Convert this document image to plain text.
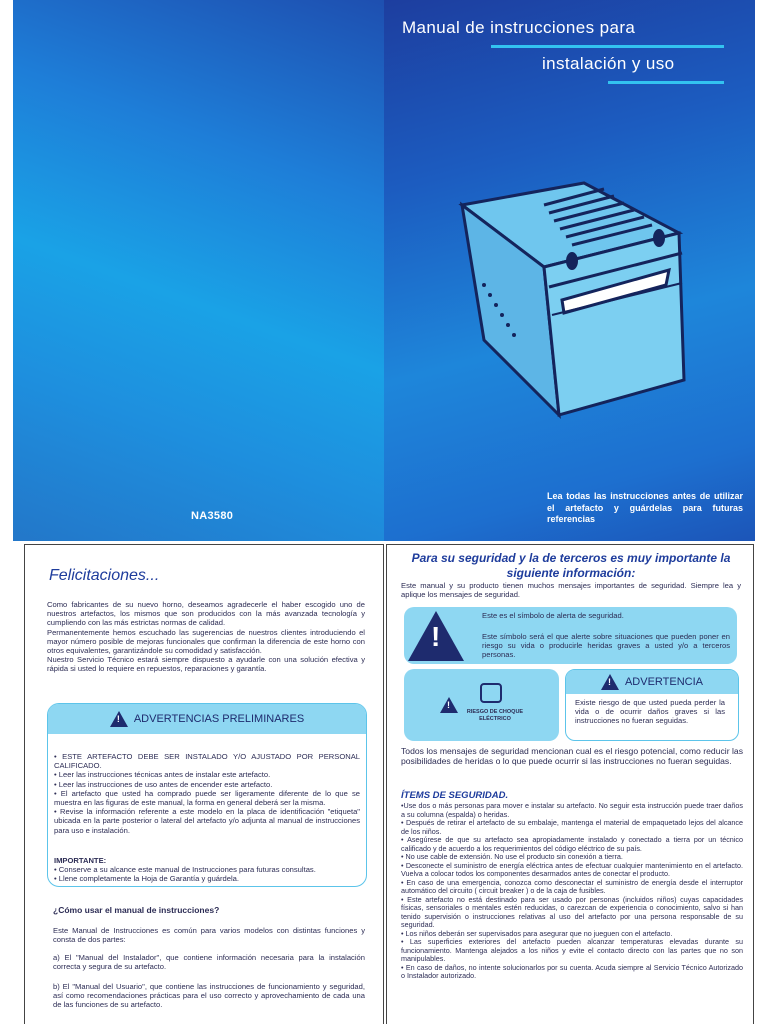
NA3580
Manual de instrucciones para
instalación y uso
Lea todas las instrucciones antes de utilizar el artefacto y guárdelas para futuras referencias
Felicitaciones...
Como fabricantes de su nuevo horno, deseamos agradecerle el haber escogido uno de nuestros artefactos, los mismos que son producidos con la más avanzada tecnología y cumpliendo con las más estrictas normas de calidad.
Permanentemente hemos escuchado las sugerencias de nuestros clientes introduciendo el mayor número posible de mejoras funcionales que confirman la diferencia de este horno con otros equivalentes, garantizándole su comodidad y satisfacción.
Nuestro Servicio Técnico estará siempre dispuesto a ayudarle con una solución efectiva y rápida si usted lo requiere en repuestos, reparaciones y garantía.
!
ADVERTENCIAS PRELIMINARES
• ESTE ARTEFACTO DEBE SER INSTALADO Y/O AJUSTADO POR PERSONAL CALIFICADO.
• Leer las instrucciones técnicas antes de instalar este artefacto.
• Leer las instrucciones de uso antes de encender este artefacto.
• El artefacto que usted ha comprado puede ser ligeramente diferente de lo que se muestra en las figuras de este manual, la forma en general deberá ser la misma.
• Revise la información referente a este modelo en la placa de identificación "etiqueta" ubicada en la parte posterior o lateral del artefacto y/o adjunta al manual de instrucciones para uso e instalación.
IMPORTANTE:
• Conserve a su alcance este manual de Instrucciones para futuras consultas.
• Llene completamente la Hoja de Garantía y guárdela.
¿Cómo usar el manual de instrucciones?
Este Manual de Instrucciones es común para varios modelos con distintas funciones y consta de dos partes:
a) El "Manual del Instalador", que contiene información necesaria para la instalación correcta y segura de su artefacto.
b) El "Manual del Usuario", que contiene las instrucciones de funcionamiento y seguridad, así como recomendaciones prácticas para el uso correcto y aprovechamiento de cada una de las funciones de su artefacto.
Para su seguridad y la de terceros es muy importante la siguiente información:
Este manual y su producto tienen muchos mensajes importantes de seguridad. Siempre lea y aplique los mensajes de seguridad.
!
Este es el símbolo de alerta de seguridad.
Este símbolo será el que alerte sobre situaciones que pueden poner en riesgo su vida o producirle heridas graves a usted y/o a terceros personas.
!
RIESGO DE CHOQUE ELÉCTRICO
!
ADVERTENCIA
Existe riesgo de que usted pueda perder la vida o de ocurrir daños graves si las instrucciones no fueran seguidas.
Todos los mensajes de seguridad mencionan cual es el riesgo potencial, como reducir las posibilidades de heridas o lo que puede ocurrir si las instrucciones no fueran seguidas.
ÍTEMS DE SEGURIDAD.
•Use dos o más personas para mover e instalar su artefacto. No seguir esta instrucción puede traer daños a su columna (espalda) o heridas.
• Después de retirar el artefacto de su embalaje, mantenga el material de empaquetado lejos del alcance de los niños.
• Asegúrese de que su artefacto sea apropiadamente instalado y conectado a tierra por un técnico calificado y de acuerdo a los requerimientos del código eléctrico de su país.
• No use cable de extensión. No use el producto sin conexión a tierra.
• Desconecte el suministro de energía eléctrica antes de efectuar cualquier mantenimiento en el artefacto. Vuelva a colocar todos los componentes desarmados antes de conectar el producto.
• En caso de una emergencia, conozca como desconectar el suministro de energía desde el interruptor automático del circuito ( circuit breaker ) o de la caja de fusibles.
• Este artefacto no está destinado para ser usado por personas (incluidos niños) cuyas capacidades físicas, sensoriales o mentales estén reducidas, o carezcan de experiencia o conocimiento, salvo si han tenido supervisión o instrucciones relativas al uso del artefacto por una persona responsable de su seguridad.
• Los niños deberán ser supervisados para asegurar que no jueguen con el artefacto.
• Las superficies exteriores del artefacto pueden alcanzar temperaturas elevadas durante su funcionamiento. Mantenga alejados a los niños y evite el contacto directo con las partes que no son manipulables.
• En caso de daños, no intente solucionarlos por su cuenta. Acuda siempre al Servicio Técnico Autorizado o Instalador autorizado.
